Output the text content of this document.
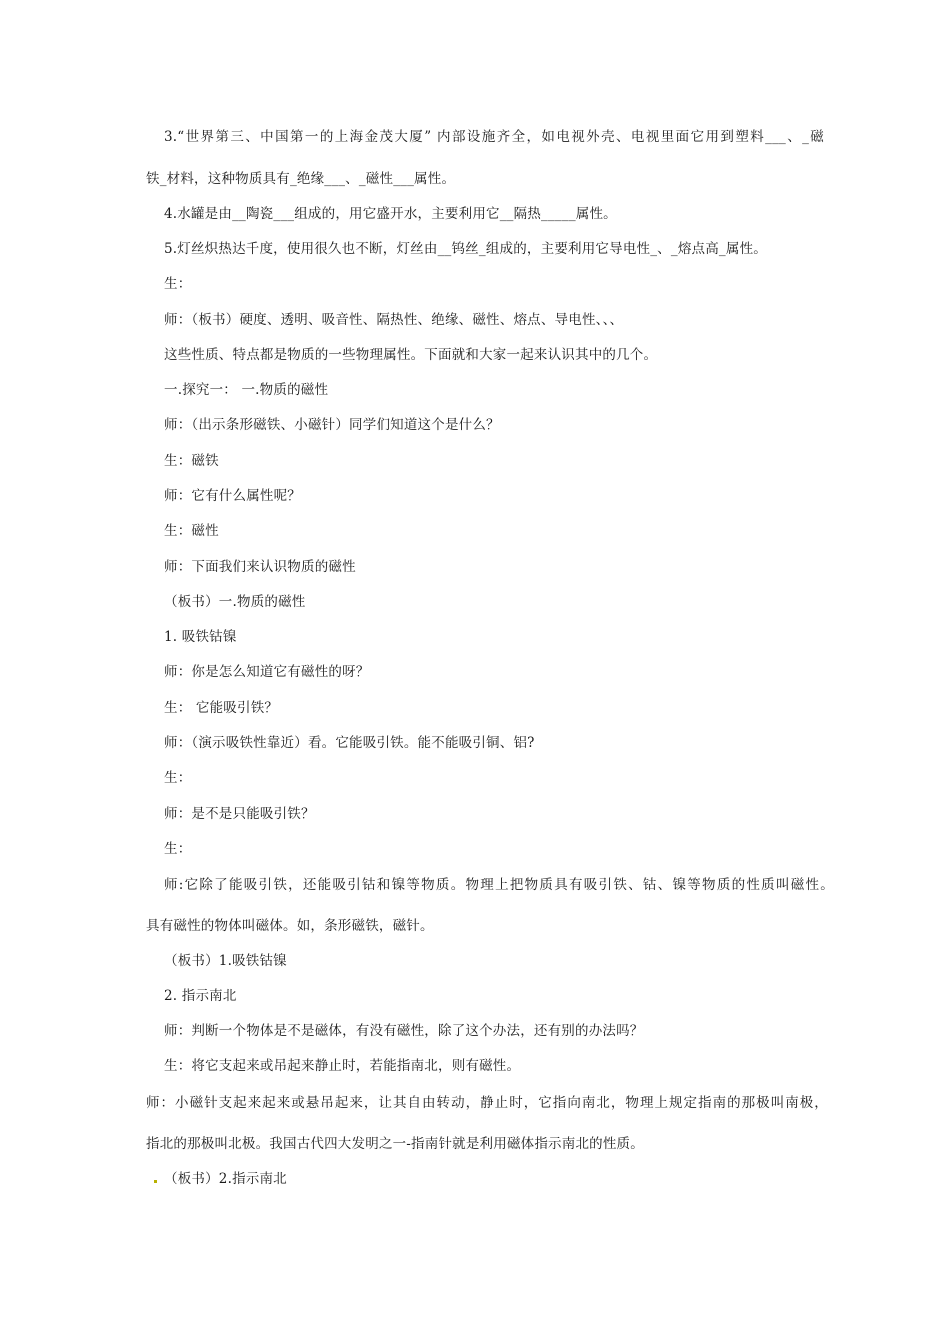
3.“世界第三、中国第一的上海金茂大厦” 内部设施齐全，如电视外壳、电视里面它用到塑料___、_磁
铁_材料，这种物质具有_绝缘___、_磁性___属性。
4.水罐是由__陶瓷___组成的，用它盛开水，主要利用它__隔热_____属性。
5.灯丝炽热达千度，使用很久也不断，灯丝由__钨丝_组成的，主要利用它导电性_、_熔点高_属性。
生：
师：（板书）硬度、透明、吸音性、隔热性、绝缘、磁性、熔点、导电性、、、
这些性质、特点都是物质的一些物理属性。下面就和大家一起来认识其中的几个。
一.探究一： 一.物质的磁性
师：（出示条形磁铁、小磁针）同学们知道这个是什么？
生：磁铁
师：它有什么属性呢？
生：磁性
师：下面我们来认识物质的磁性
（板书）一.物质的磁性
1. 吸铁钴镍
师：你是怎么知道它有磁性的呀？
生： 它能吸引铁？
师：（演示吸铁性靠近）看。它能吸引铁。能不能吸引铜、铝?
生：
师：是不是只能吸引铁？
生：
师:它除了能吸引铁，还能吸引钴和镍等物质。物理上把物质具有吸引铁、钴、镍等物质的性质叫磁性。
具有磁性的物体叫磁体。如，条形磁铁，磁针。
（板书）1.吸铁钴镍
2. 指示南北
师：判断一个物体是不是磁体，有没有磁性，除了这个办法，还有别的办法吗？
生：将它支起来或吊起来静止时，若能指南北，则有磁性。
师：小磁针支起来起来或悬吊起来，让其自由转动，静止时，它指向南北，物理上规定指南的那极叫南极，
指北的那极叫北极。我国古代四大发明之一-指南针就是利用磁体指示南北的性质。
（板书）2.指示南北
